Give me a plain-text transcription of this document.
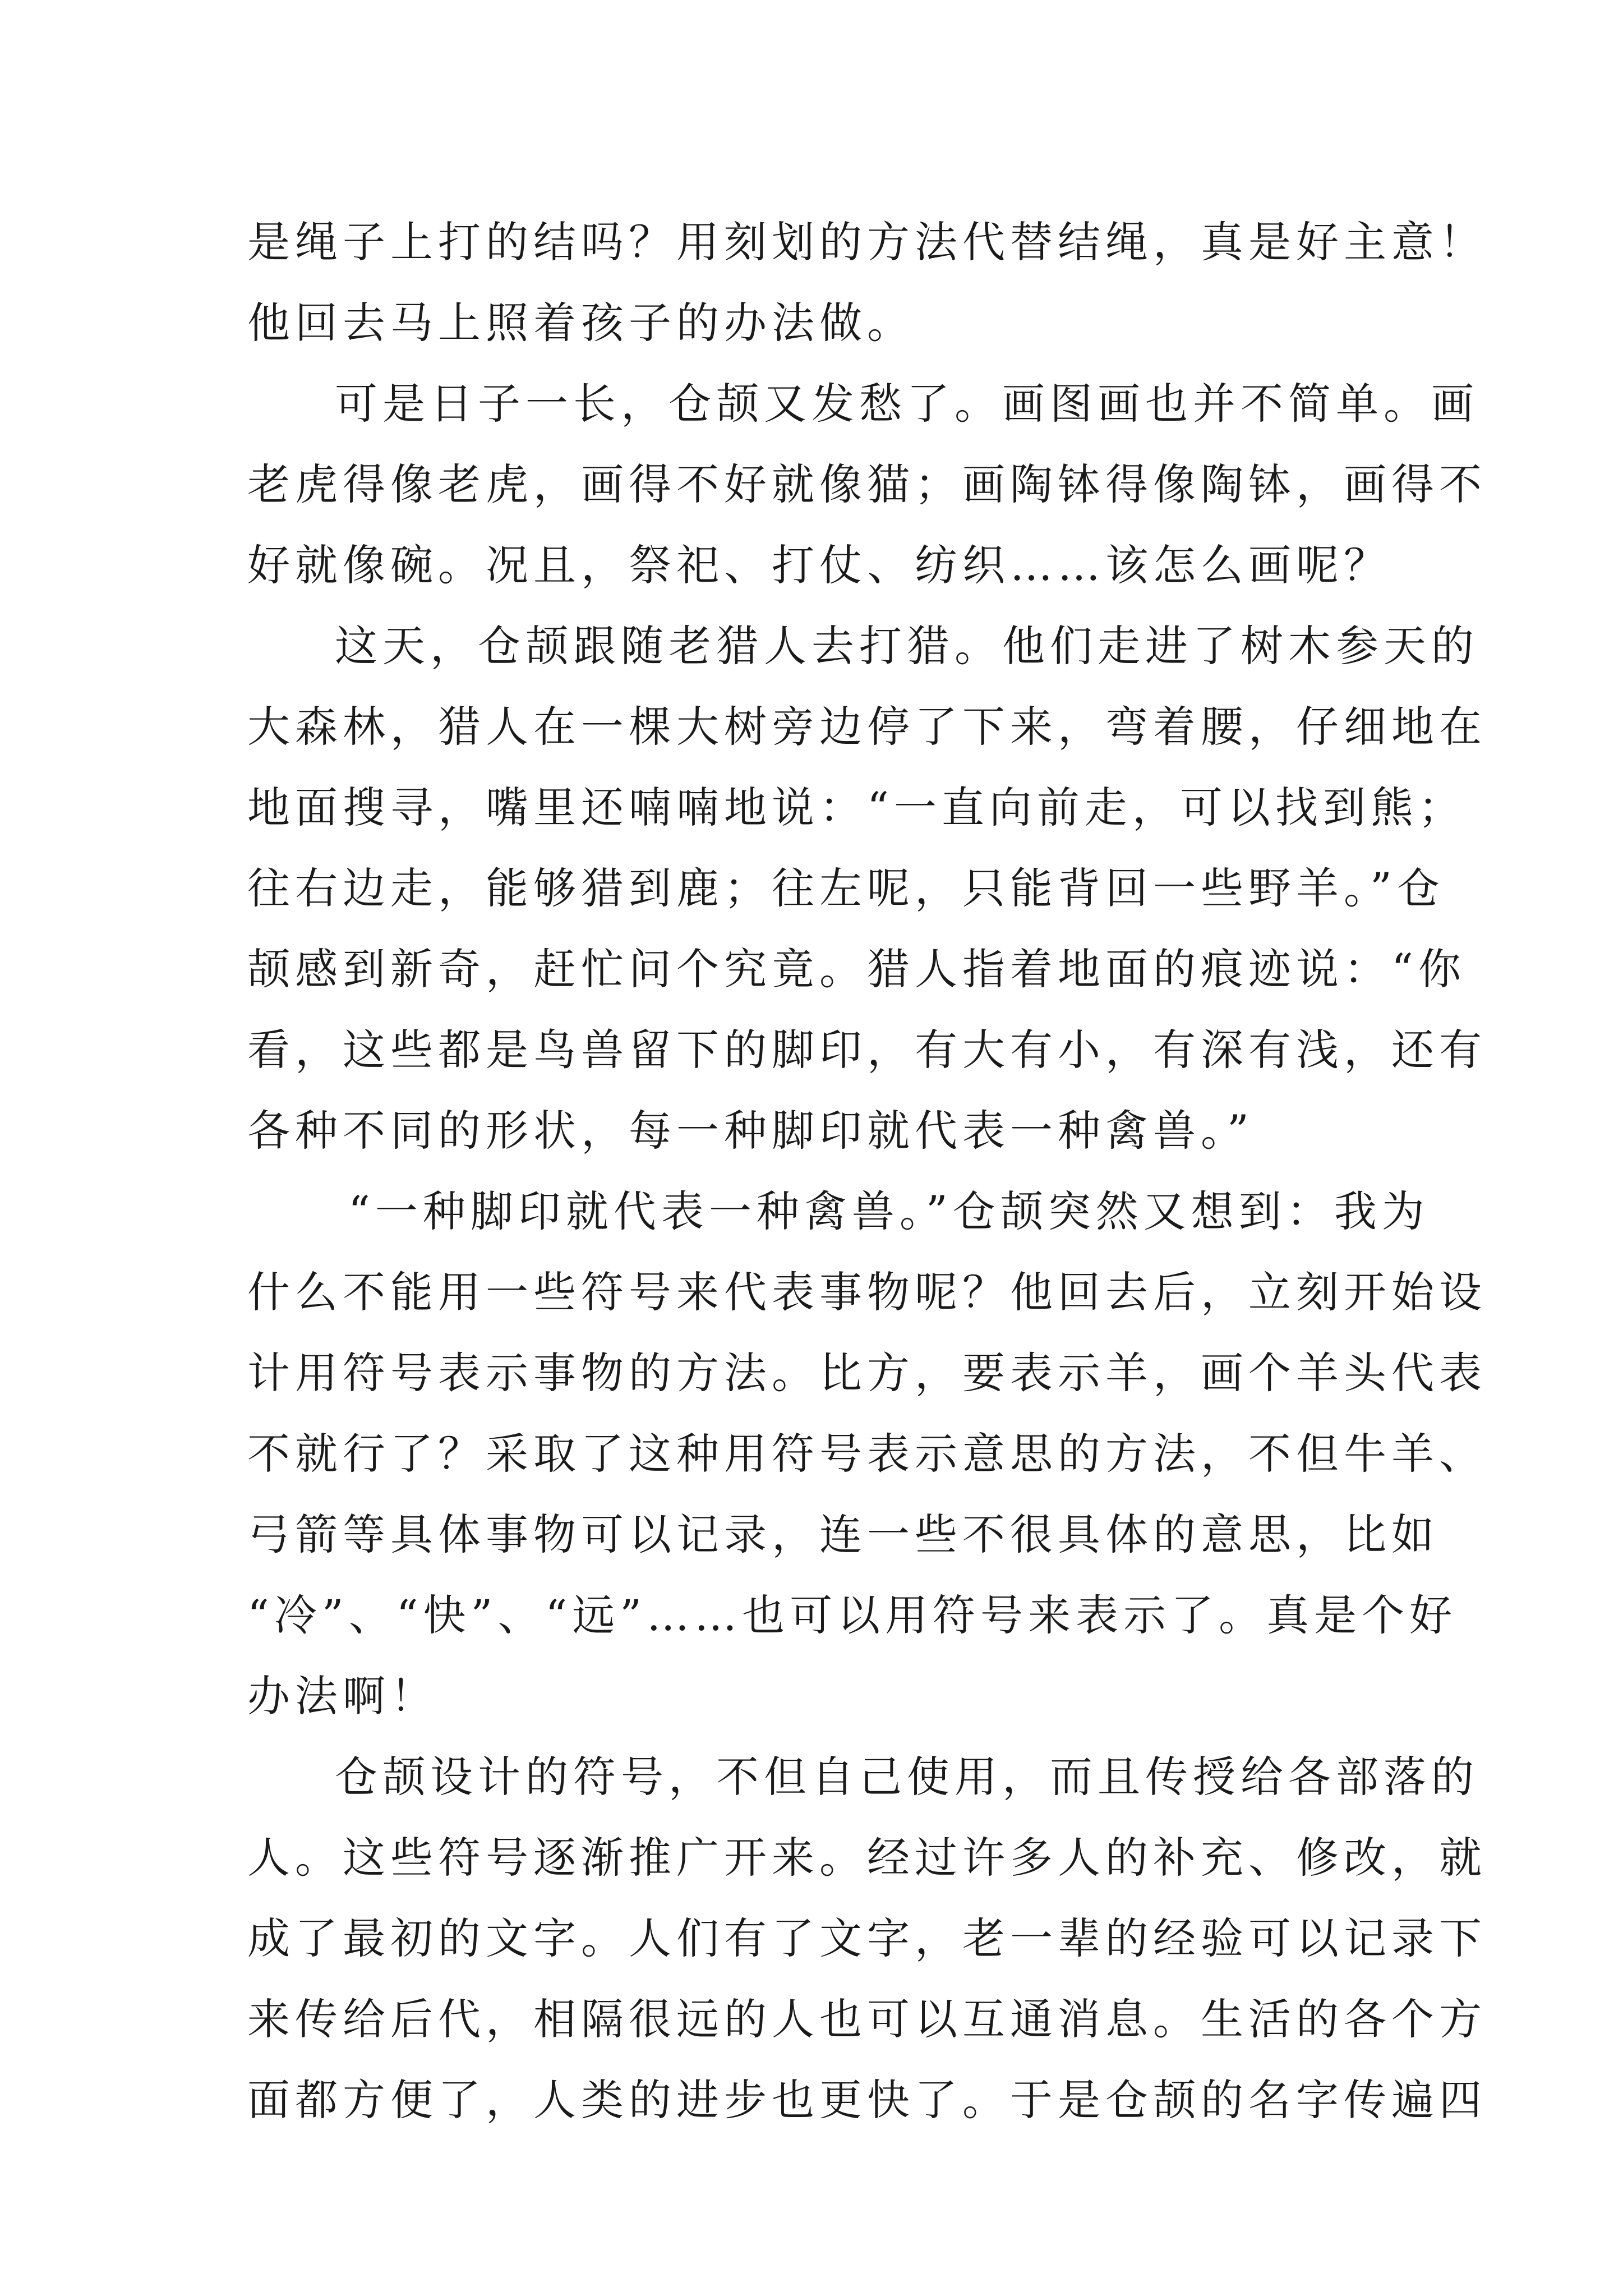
是绳子上打的结吗？用刻划的方法代替结绳，真是好主意！
他回去马上照着孩子的办法做。
可是日子一长，仓颉又发愁了。画图画也并不简单。画
老虎得像老虎，画得不好就像猫；画陶钵得像陶钵，画得不
好就像碗。况且，祭祀、打仗、纺织……该怎么画呢？
这天，仓颉跟随老猎人去打猎。他们走进了树木参天的
大森林，猎人在一棵大树旁边停了下来，弯着腰，仔细地在
地面搜寻，嘴里还喃喃地说：“一直向前走，可以找到熊；
往右边走，能够猎到鹿；往左呢，只能背回一些野羊。”仓
颉感到新奇，赶忙问个究竟。猎人指着地面的痕迹说：“你
看，这些都是鸟兽留下的脚印，有大有小，有深有浅，还有
各种不同的形状，每一种脚印就代表一种禽兽。”
“一种脚印就代表一种禽兽。”仓颉突然又想到：我为
什么不能用一些符号来代表事物呢？他回去后，立刻开始设
计用符号表示事物的方法。比方，要表示羊，画个羊头代表
不就行了？采取了这种用符号表示意思的方法，不但牛羊、
弓箭等具体事物可以记录，连一些不很具体的意思，比如
“冷”、“快”、“远”……也可以用符号来表示了。真是个好
办法啊！
仓颉设计的符号，不但自己使用，而且传授给各部落的
人。这些符号逐渐推广开来。经过许多人的补充、修改，就
成了最初的文字。人们有了文字，老一辈的经验可以记录下
来传给后代，相隔很远的人也可以互通消息。生活的各个方
面都方便了，人类的进步也更快了。于是仓颉的名字传遍四
